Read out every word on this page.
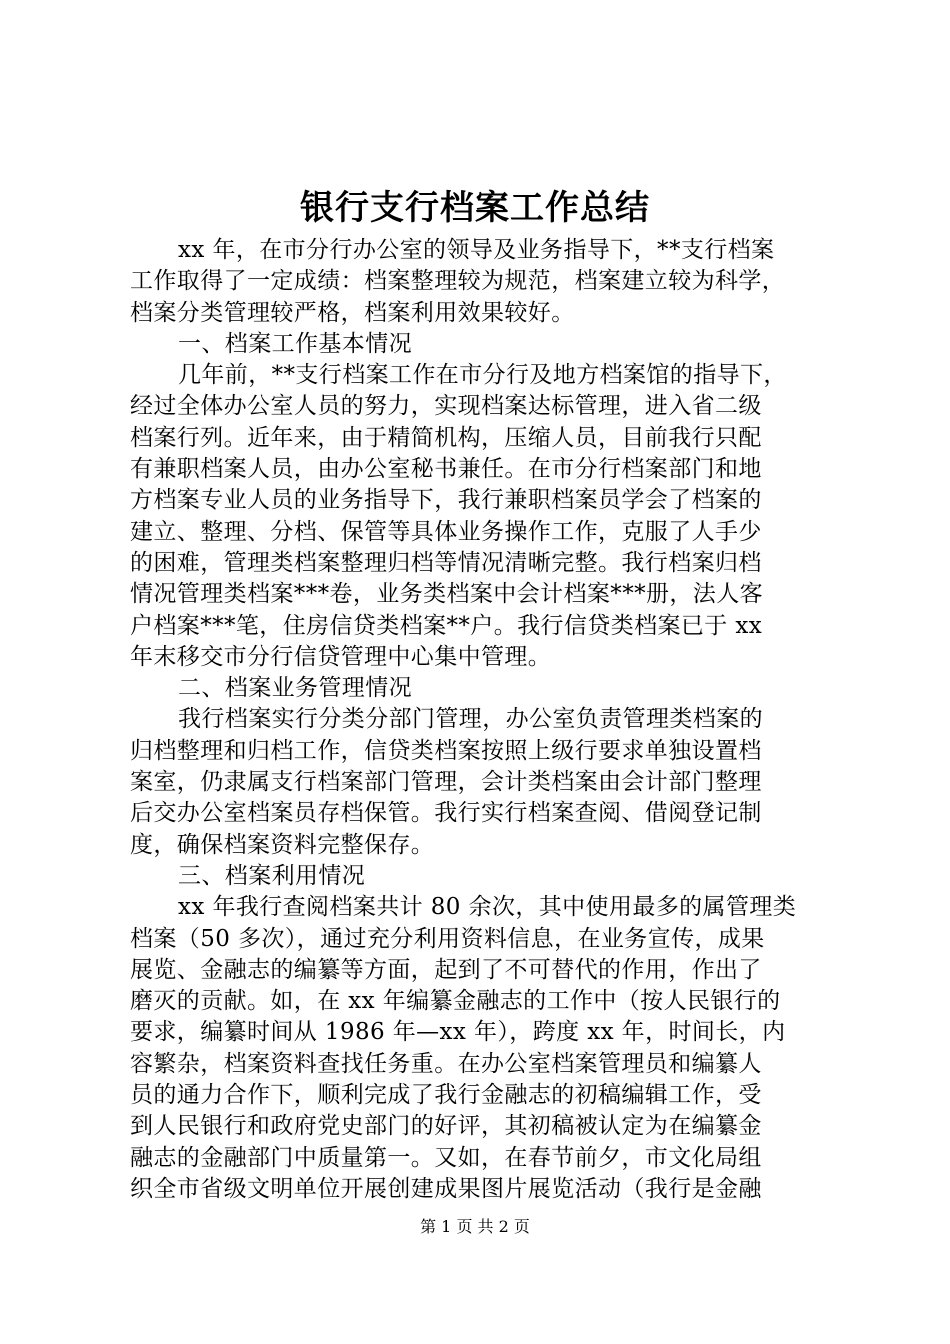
银行支行档案工作总结
xx 年，在市分行办公室的领导及业务指导下，**支行档案
工作取得了一定成绩：档案整理较为规范，档案建立较为科学，
档案分类管理较严格，档案利用效果较好。
一、档案工作基本情况
几年前，**支行档案工作在市分行及地方档案馆的指导下，
经过全体办公室人员的努力，实现档案达标管理，进入省二级
档案行列。近年来，由于精简机构，压缩人员，目前我行只配
有兼职档案人员，由办公室秘书兼任。在市分行档案部门和地
方档案专业人员的业务指导下，我行兼职档案员学会了档案的
建立、整理、分档、保管等具体业务操作工作，克服了人手少
的困难，管理类档案整理归档等情况清晰完整。我行档案归档
情况管理类档案***卷，业务类档案中会计档案***册，法人客
户档案***笔，住房信贷类档案**户。我行信贷类档案已于 xx
年末移交市分行信贷管理中心集中管理。
二、档案业务管理情况
我行档案实行分类分部门管理，办公室负责管理类档案的
归档整理和归档工作，信贷类档案按照上级行要求单独设置档
案室，仍隶属支行档案部门管理，会计类档案由会计部门整理
后交办公室档案员存档保管。我行实行档案查阅、借阅登记制
度，确保档案资料完整保存。
三、档案利用情况
xx 年我行查阅档案共计 80 余次，其中使用最多的属管理类
档案（50 多次），通过充分利用资料信息，在业务宣传，成果
展览、金融志的编纂等方面，起到了不可替代的作用，作出了
磨灭的贡献。如，在 xx 年编纂金融志的工作中（按人民银行的
要求，编纂时间从 1986 年—xx 年），跨度 xx 年，时间长，内
容繁杂，档案资料查找任务重。在办公室档案管理员和编纂人
员的通力合作下，顺利完成了我行金融志的初稿编辑工作，受
到人民银行和政府党史部门的好评，其初稿被认定为在编纂金
融志的金融部门中质量第一。又如，在春节前夕，市文化局组
织全市省级文明单位开展创建成果图片展览活动（我行是金融
第 1 页 共 2 页
